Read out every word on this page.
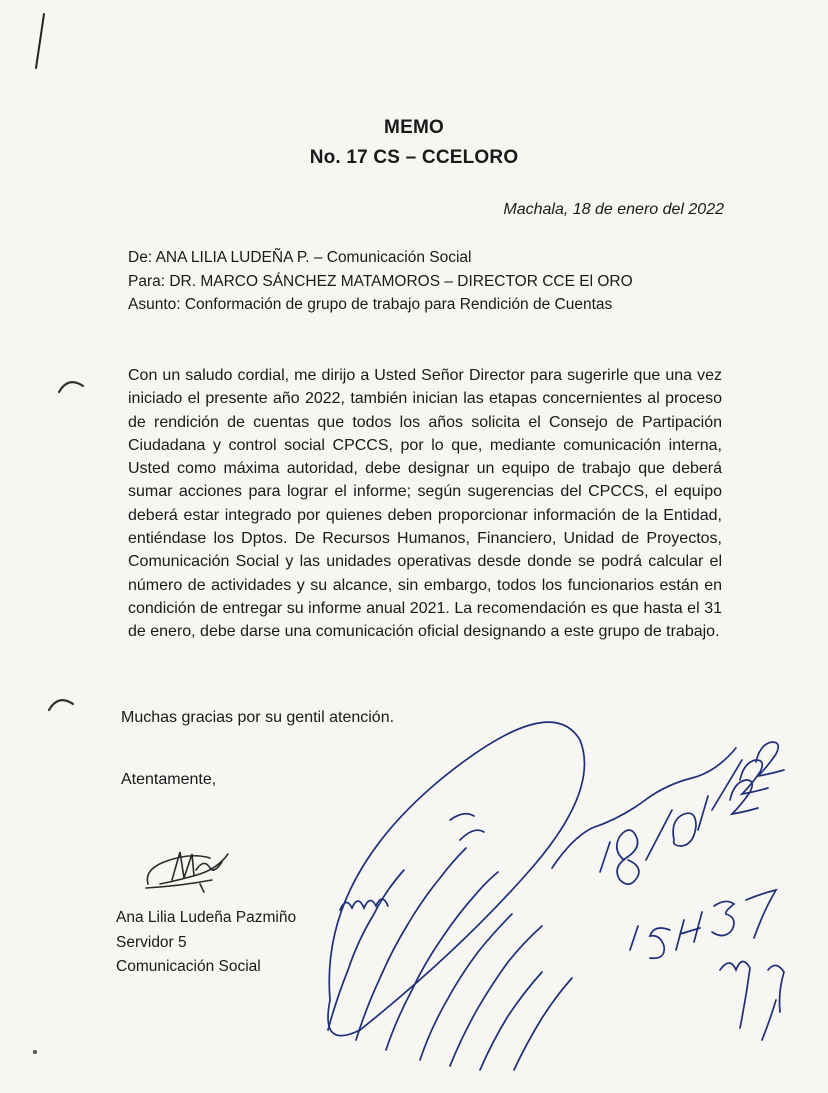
MEMO
No. 17 CS – CCELORO
Machala, 18 de enero del 2022
De: ANA LILIA LUDEÑA P. – Comunicación Social
Para: DR. MARCO SÁNCHEZ MATAMOROS – DIRECTOR CCE El ORO
Asunto: Conformación de grupo de trabajo para Rendición de Cuentas

Con un saludo cordial, me dirijo a Usted Señor Director para sugerirle que una vez iniciado el presente año 2022, también inician las etapas concernientes al proceso de rendición de cuentas que todos los años solicita el Consejo de Partipación Ciudadana y control social CPCCS, por lo que, mediante comunicación interna, Usted como máxima autoridad, debe designar un equipo de trabajo que deberá sumar acciones para lograr el informe; según sugerencias del CPCCS, el equipo deberá estar integrado por quienes deben proporcionar información de la Entidad, entiéndase los Dptos. De Recursos Humanos, Financiero, Unidad de Proyectos, Comunicación Social y las unidades operativas desde donde se podrá calcular el número de actividades y su alcance, sin embargo, todos los funcionarios están en condición de entregar su informe anual 2021. La recomendación es que hasta el 31 de enero, debe darse una comunicación oficial designando a este grupo de trabajo.

Muchas gracias por su gentil atención.
Atentamente,
Ana Lilia Ludeña Pazmiño
Servidor 5
Comunicación Social
